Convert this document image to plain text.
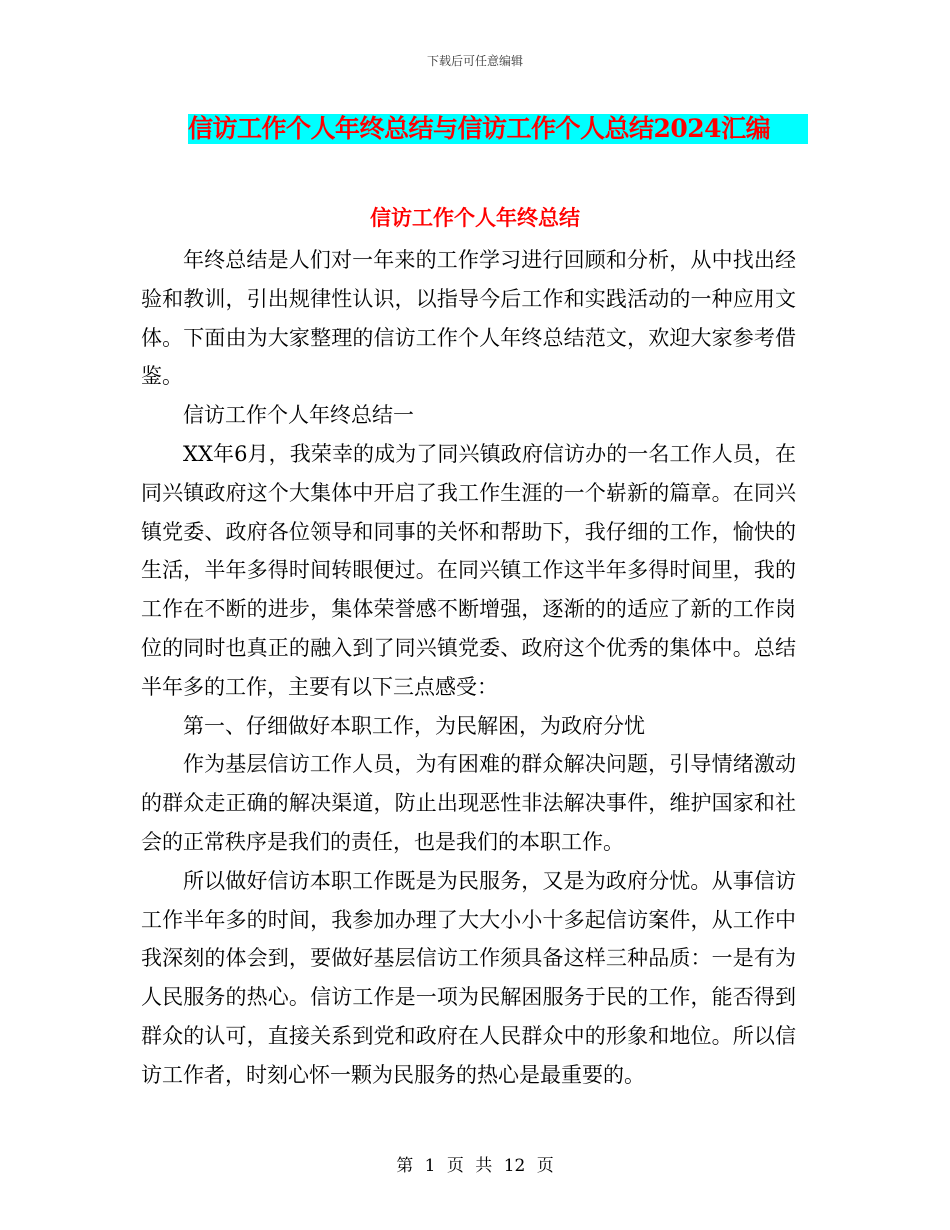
下载后可任意编辑
信访工作个人年终总结与信访工作个人总结2024汇编
信访工作个人年终总结

年终总结是人们对一年来的工作学习进行回顾和分析，从中找出经验和教训，引出规律性认识，以指导今后工作和实践活动的一种应用文体。下面由为大家整理的信访工作个人年终总结范文，欢迎大家参考借鉴。

信访工作个人年终总结一

XX年6月，我荣幸的成为了同兴镇政府信访办的一名工作人员，在同兴镇政府这个大集体中开启了我工作生涯的一个崭新的篇章。在同兴镇党委、政府各位领导和同事的关怀和帮助下，我仔细的工作，愉快的生活，半年多得时间转眼便过。在同兴镇工作这半年多得时间里，我的工作在不断的进步，集体荣誉感不断增强，逐渐的的适应了新的工作岗位的同时也真正的融入到了同兴镇党委、政府这个优秀的集体中。总结半年多的工作，主要有以下三点感受：

第一、仔细做好本职工作，为民解困，为政府分忧

作为基层信访工作人员，为有困难的群众解决问题，引导情绪激动的群众走正确的解决渠道，防止出现恶性非法解决事件，维护国家和社会的正常秩序是我们的责任，也是我们的本职工作。

所以做好信访本职工作既是为民服务，又是为政府分忧。从事信访工作半年多的时间，我参加办理了大大小小十多起信访案件，从工作中我深刻的体会到，要做好基层信访工作须具备这样三种品质：一是有为人民服务的热心。信访工作是一项为民解困服务于民的工作，能否得到群众的认可，直接关系到党和政府在人民群众中的形象和地位。所以信访工作者，时刻心怀一颗为民服务的热心是最重要的。

第 1 页 共 12 页
